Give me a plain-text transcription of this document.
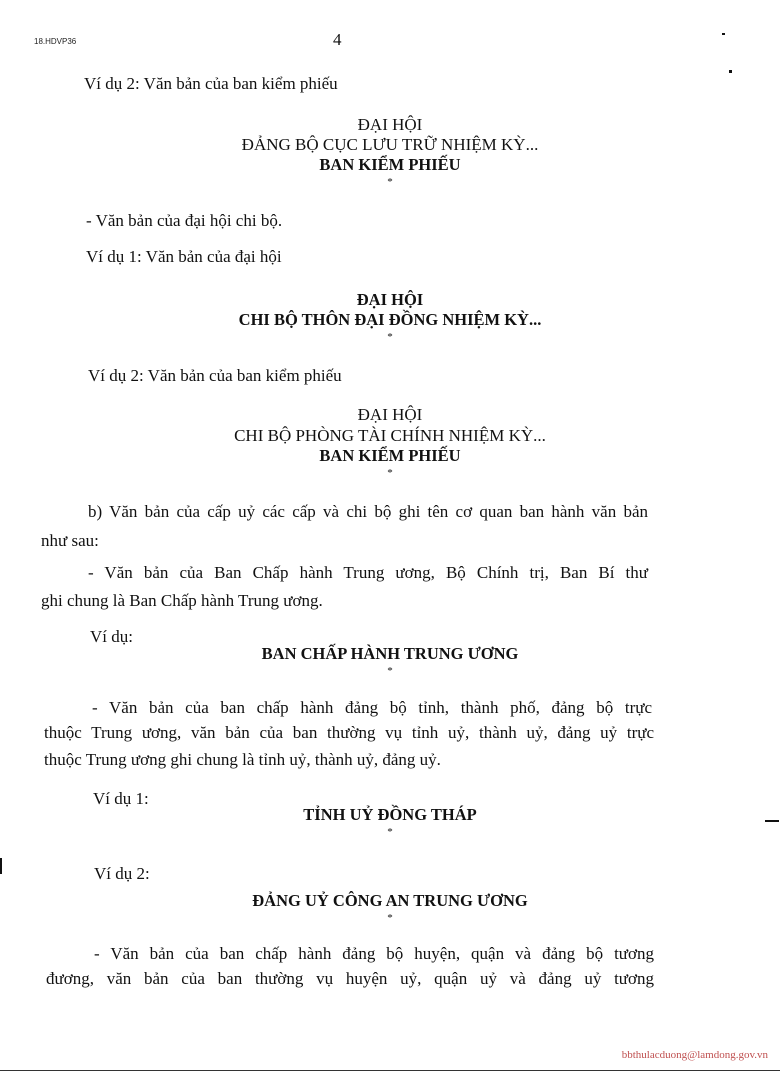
18.HDVP36	4
Ví dụ 2: Văn bản của ban kiểm phiếu
ĐẠI HỘI
ĐẢNG BỘ CỤC LƯU TRỮ NHIỆM KỲ...
BAN KIỂM PHIẾU
*
- Văn bản của đại hội chi bộ.
Ví dụ 1: Văn bản của đại hội
ĐẠI HỘI
CHI BỘ THÔN ĐẠI ĐỒNG NHIỆM KỲ...
*
Ví dụ 2: Văn bản của ban kiểm phiếu
ĐẠI HỘI
CHI BỘ PHÒNG TÀI CHÍNH NHIỆM KỲ...
BAN KIỂM PHIẾU
*
b) Văn bản của cấp uỷ các cấp và chi bộ ghi tên cơ quan ban hành văn bản
như sau:
- Văn bản của Ban Chấp hành Trung ương, Bộ Chính trị, Ban Bí thư
ghi chung là Ban Chấp hành Trung ương.
Ví dụ:
BAN CHẤP HÀNH TRUNG ƯƠNG
*
- Văn bản của ban chấp hành đảng bộ tỉnh, thành phố, đảng bộ trực
thuộc Trung ương, văn bản của ban thường vụ tỉnh uỷ, thành uỷ, đảng uỷ trực
thuộc Trung ương ghi chung là tỉnh uỷ, thành uỷ, đảng uỷ.
Ví dụ 1:
TỈNH UỶ ĐỒNG THÁP
*
Ví dụ 2:
ĐẢNG UỶ CÔNG AN TRUNG ƯƠNG
*
- Văn bản của ban chấp hành đảng bộ huyện, quận và đảng bộ tương
đương, văn bản của ban thường vụ huyện uỷ, quận uỷ và đảng uỷ tương
bbthulacduong@lamdong.gov.vn
